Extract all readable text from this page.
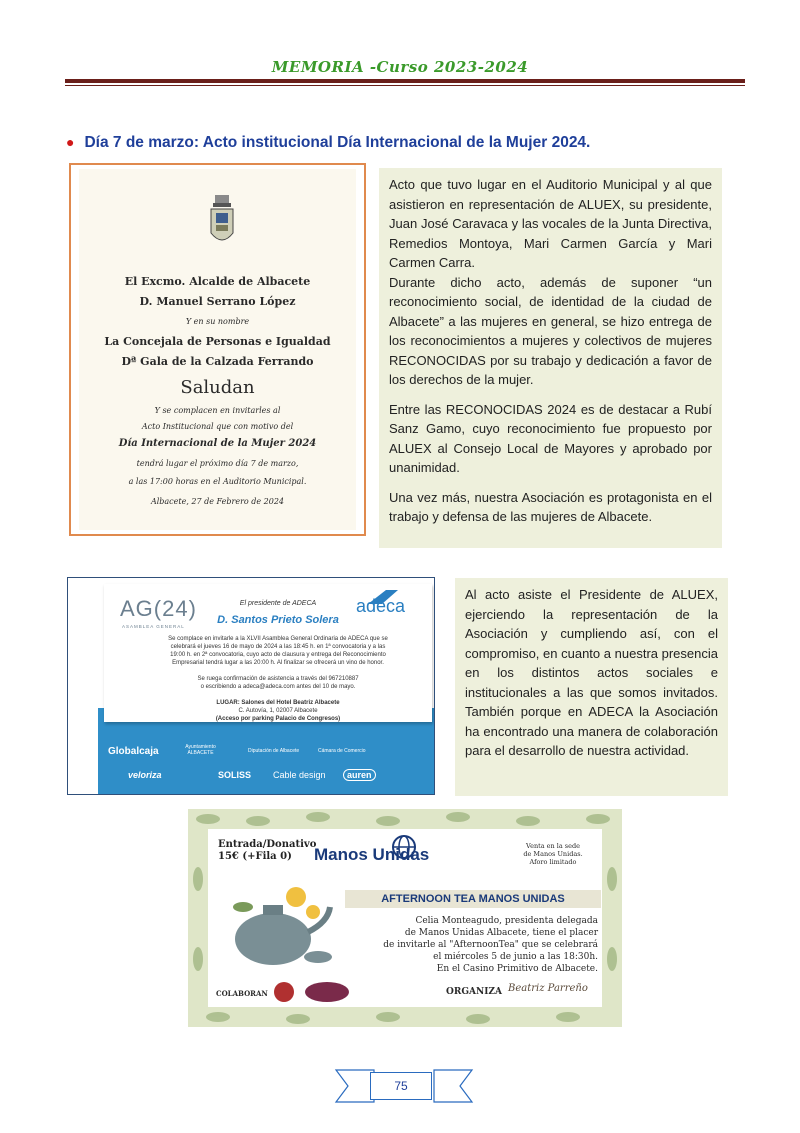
MEMORIA -Curso 2023-2024
● Día 7 de marzo: Acto institucional Día Internacional de la Mujer 2024.
El Excmo. Alcalde de Albacete
D. Manuel Serrano López
Y en su nombre
La Concejala de Personas e Igualdad
Dª Gala de la Calzada Ferrando
Saludan
Y se complacen en invitarles al
Acto Institucional que con motivo del
Día Internacional de la Mujer 2024
tendrá lugar el próximo día 7 de marzo,
a las 17:00 horas en el Auditorio Municipal.
Albacete, 27 de Febrero de 2024

Acto que tuvo lugar en el Auditorio Municipal y al que asistieron en representación de ALUEX, su presidente, Juan José Caravaca y las vocales de la Junta Directiva, Remedios Montoya, Mari Carmen García y Mari Carmen Carra.

Durante dicho acto, además de suponer “un reconocimiento social, de identidad de la ciudad de Albacete” a las mujeres en general, se hizo entrega de los reconocimientos a mujeres y colectivos de mujeres RECONOCIDAS por su trabajo y dedicación a favor de los derechos de la mujer.

Entre las RECONOCIDAS 2024 es de destacar a Rubí Sanz Gamo, cuyo reconocimiento fue propuesto por ALUEX al Consejo Local de Mayores y aprobado por unanimidad.

Una vez más, nuestra Asociación es protagonista en el trabajo y defensa de las mujeres de Albacete.

AG(24)
ASAMBLEA GENERAL
adeca
El presidente de ADECA
D. Santos Prieto Solera
Se complace en invitarle a la XLVII Asamblea General Ordinaria de ADECA que se
celebrará el jueves 16 de mayo de 2024 a las 18:45 h. en 1ª convocatoria y a las
19:00 h. en 2ª convocatoria, cuyo acto de clausura y entrega del Reconocimiento
Empresarial tendrá lugar a las 20:00 h. Al finalizar se ofrecerá un vino de honor.
Se ruega confirmación de asistencia a través del 967210887
o escribiendo a adeca@adeca.com antes del 10 de mayo.
LUGAR: Salones del Hotel Beatriz Albacete
C. Autovía, 1, 02007 Albacete
(Acceso por parking Palacio de Congresos)
Globalcaja	Ayuntamiento ALBACETE	Diputación de Albacete	Cámara de Comercio
veloriza	SOLISS Cable design	auren

Al acto asiste el Presidente de ALUEX, ejerciendo la representación de la Asociación y cumpliendo así, con el compromiso, en cuanto a nuestra presencia en los distintos actos sociales e institucionales a las que somos invitados. También porque en ADECA la Asociación ha encontrado una manera de colaboración para el desarrollo de nuestra actividad.

Entrada/Donativo
15€ (+Fila 0) Manos Unidas	Venta en la sede
de Manos Unidas.
Aforo limitado
AFTERNOON TEA MANOS UNIDAS
Celia Monteagudo, presidenta delegada
de Manos Unidas Albacete, tiene el placer
de invitarle al "AfternoonTea" que se celebrará
el miércoles 5 de junio a las 18:30h.
En el Casino Primitivo de Albacete.
COLABORAN	ORGANIZA Beatriz Parreño
75
